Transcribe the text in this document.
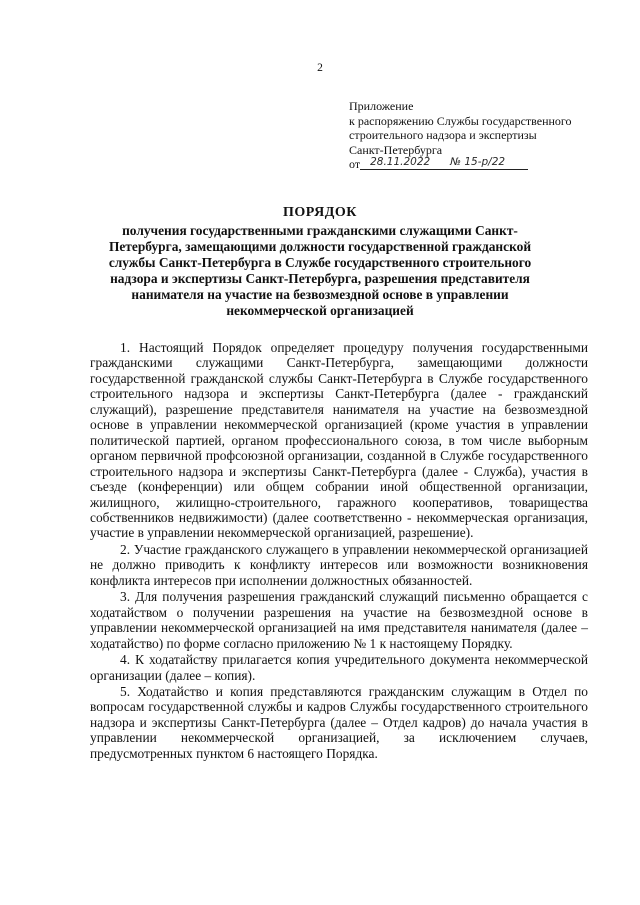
2
Приложение
к распоряжению Службы государственного
строительного надзора и экспертизы
Санкт-Петербурга
от 28.11.2022 № 15-р/22
ПОРЯДОК
получения государственными гражданскими служащими Санкт-Петербурга, замещающими должности государственной гражданской службы Санкт-Петербурга в Службе государственного строительного надзора и экспертизы Санкт-Петербурга, разрешения представителя нанимателя на участие на безвозмездной основе в управлении некоммерческой организацией

1. Настоящий Порядок определяет процедуру получения государственными гражданскими служащими Санкт-Петербурга, замещающими должности государственной гражданской службы Санкт-Петербурга в Службе государственного строительного надзора и экспертизы Санкт-Петербурга (далее - гражданский служащий), разрешение представителя нанимателя на участие на безвозмездной основе в управлении некоммерческой организацией (кроме участия в управлении политической партией, органом профессионального союза, в том числе выборным органом первичной профсоюзной организации, созданной в Службе государственного строительного надзора и экспертизы Санкт-Петербурга (далее - Служба), участия в съезде (конференции) или общем собрании иной общественной организации, жилищного, жилищно-строительного, гаражного кооперативов, товарищества собственников недвижимости) (далее соответственно - некоммерческая организация, участие в управлении некоммерческой организацией, разрешение).

2. Участие гражданского служащего в управлении некоммерческой организацией не должно приводить к конфликту интересов или возможности возникновения конфликта интересов при исполнении должностных обязанностей.

3. Для получения разрешения гражданский служащий письменно обращается с ходатайством о получении разрешения на участие на безвозмездной основе в управлении некоммерческой организацией на имя представителя нанимателя (далее – ходатайство) по форме согласно приложению № 1 к настоящему Порядку.

4. К ходатайству прилагается копия учредительного документа некоммерческой организации (далее – копия).

5. Ходатайство и копия представляются гражданским служащим в Отдел по вопросам государственной службы и кадров Службы государственного строительного надзора и экспертизы Санкт-Петербурга (далее – Отдел кадров) до начала участия в управлении некоммерческой организацией, за исключением случаев, предусмотренных пунктом 6 настоящего Порядка.
